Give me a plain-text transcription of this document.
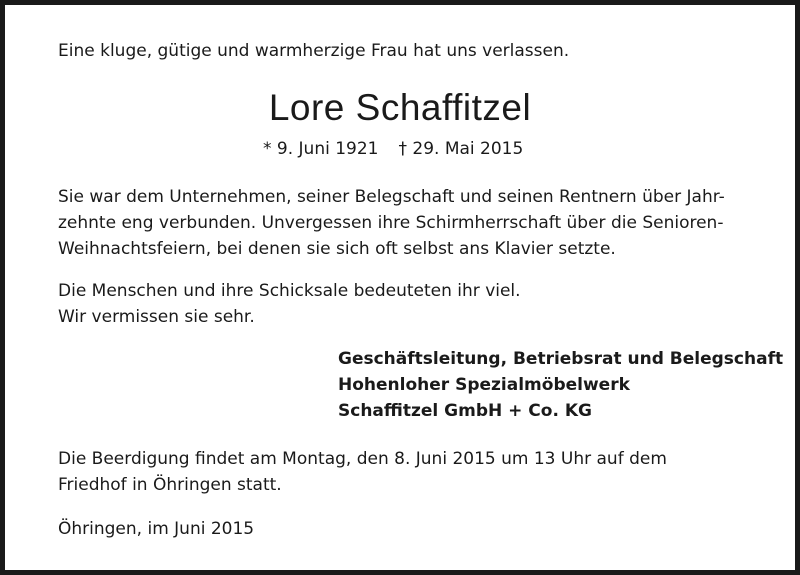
Eine kluge, gütige und warmherzige Frau hat uns verlassen.
Lore Schaffitzel
* 9. Juni 1921 † 29. Mai 2015
Sie war dem Unternehmen, seiner Belegschaft und seinen Rentnern über Jahr-
zehnte eng verbunden. Unvergessen ihre Schirmherrschaft über die Senioren-
Weihnachtsfeiern, bei denen sie sich oft selbst ans Klavier setzte.
Die Menschen und ihre Schicksale bedeuteten ihr viel.
Wir vermissen sie sehr.
Geschäftsleitung, Betriebsrat und Belegschaft
Hohenloher Spezialmöbelwerk
Schaffitzel GmbH + Co. KG
Die Beerdigung findet am Montag, den 8. Juni 2015 um 13 Uhr auf dem
Friedhof in Öhringen statt.
Öhringen, im Juni 2015
